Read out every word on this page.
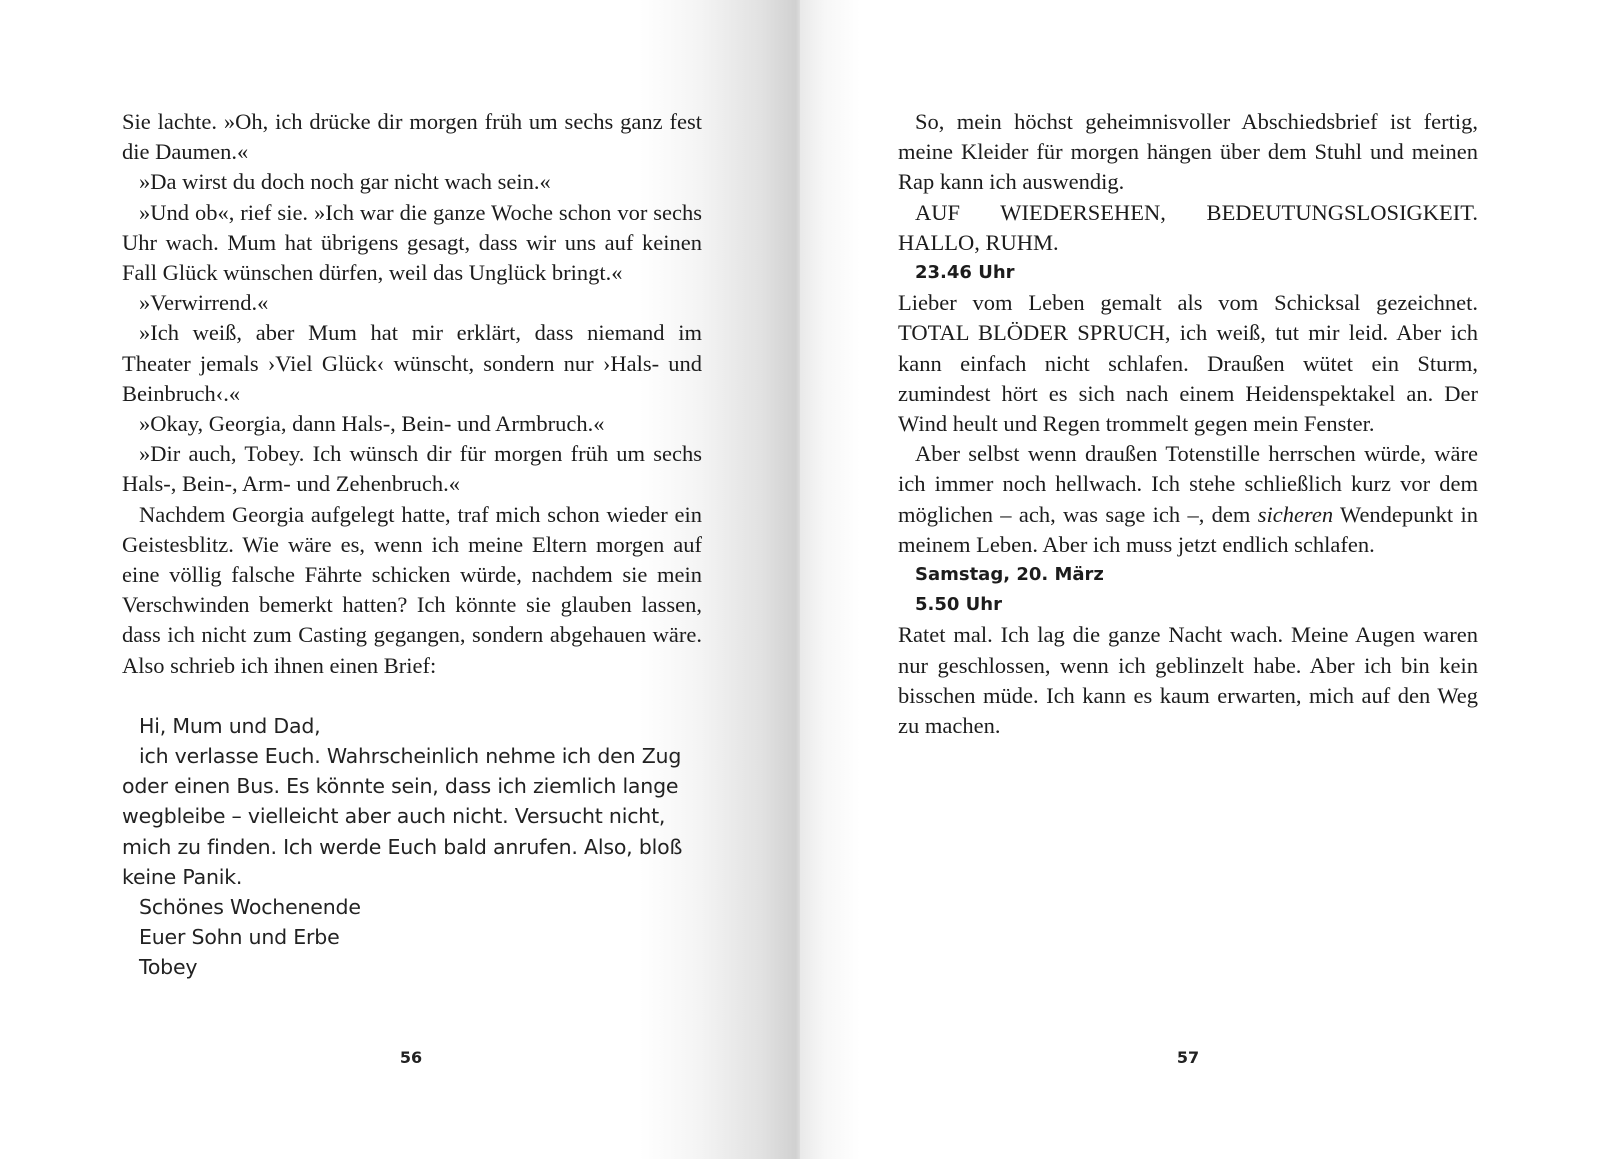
Sie lachte. »Oh, ich drücke dir morgen früh um sechs ganz fest die Daumen.«

»Da wirst du doch noch gar nicht wach sein.«

»Und ob«, rief sie. »Ich war die ganze Woche schon vor sechs Uhr wach. Mum hat übrigens gesagt, dass wir uns auf keinen Fall Glück wünschen dürfen, weil das Unglück bringt.«

»Verwirrend.«

»Ich weiß, aber Mum hat mir erklärt, dass niemand im Theater jemals ›Viel Glück‹ wünscht, sondern nur ›Hals- und Beinbruch‹.«

»Okay, Georgia, dann Hals-, Bein- und Armbruch.«

»Dir auch, Tobey. Ich wünsch dir für morgen früh um sechs Hals-, Bein-, Arm- und Zehenbruch.«

Nachdem Georgia aufgelegt hatte, traf mich schon wieder ein Geistesblitz. Wie wäre es, wenn ich meine Eltern morgen auf eine völlig falsche Fährte schicken würde, nachdem sie mein Verschwinden bemerkt hatten? Ich könnte sie glauben lassen, dass ich nicht zum Casting gegangen, sondern abgehauen wäre. Also schrieb ich ihnen einen Brief:

Hi, Mum und Dad,

ich verlasse Euch. Wahrscheinlich nehme ich den Zug oder einen Bus. Es könnte sein, dass ich ziemlich lange wegbleibe – vielleicht aber auch nicht. Versucht nicht, mich zu finden. Ich werde Euch bald anrufen. Also, bloß keine Panik.

Schönes Wochenende

Euer Sohn und Erbe

Tobey

56

So, mein höchst geheimnisvoller Abschiedsbrief ist fertig, meine Kleider für morgen hängen über dem Stuhl und meinen Rap kann ich auswendig.

AUF WIEDERSEHEN, BEDEUTUNGSLOSIGKEIT. HALLO, RUHM.

23.46 Uhr

Lieber vom Leben gemalt als vom Schicksal gezeichnet. TOTAL BLÖDER SPRUCH, ich weiß, tut mir leid. Aber ich kann einfach nicht schlafen. Draußen wütet ein Sturm, zumindest hört es sich nach einem Heidenspektakel an. Der Wind heult und Regen trommelt gegen mein Fenster.

Aber selbst wenn draußen Totenstille herrschen würde, wäre ich immer noch hellwach. Ich stehe schließlich kurz vor dem möglichen – ach, was sage ich –, dem sicheren Wendepunkt in meinem Leben. Aber ich muss jetzt endlich schlafen.

Samstag, 20. März

5.50 Uhr

Ratet mal. Ich lag die ganze Nacht wach. Meine Augen waren nur geschlossen, wenn ich geblinzelt habe. Aber ich bin kein bisschen müde. Ich kann es kaum erwarten, mich auf den Weg zu machen.

57
